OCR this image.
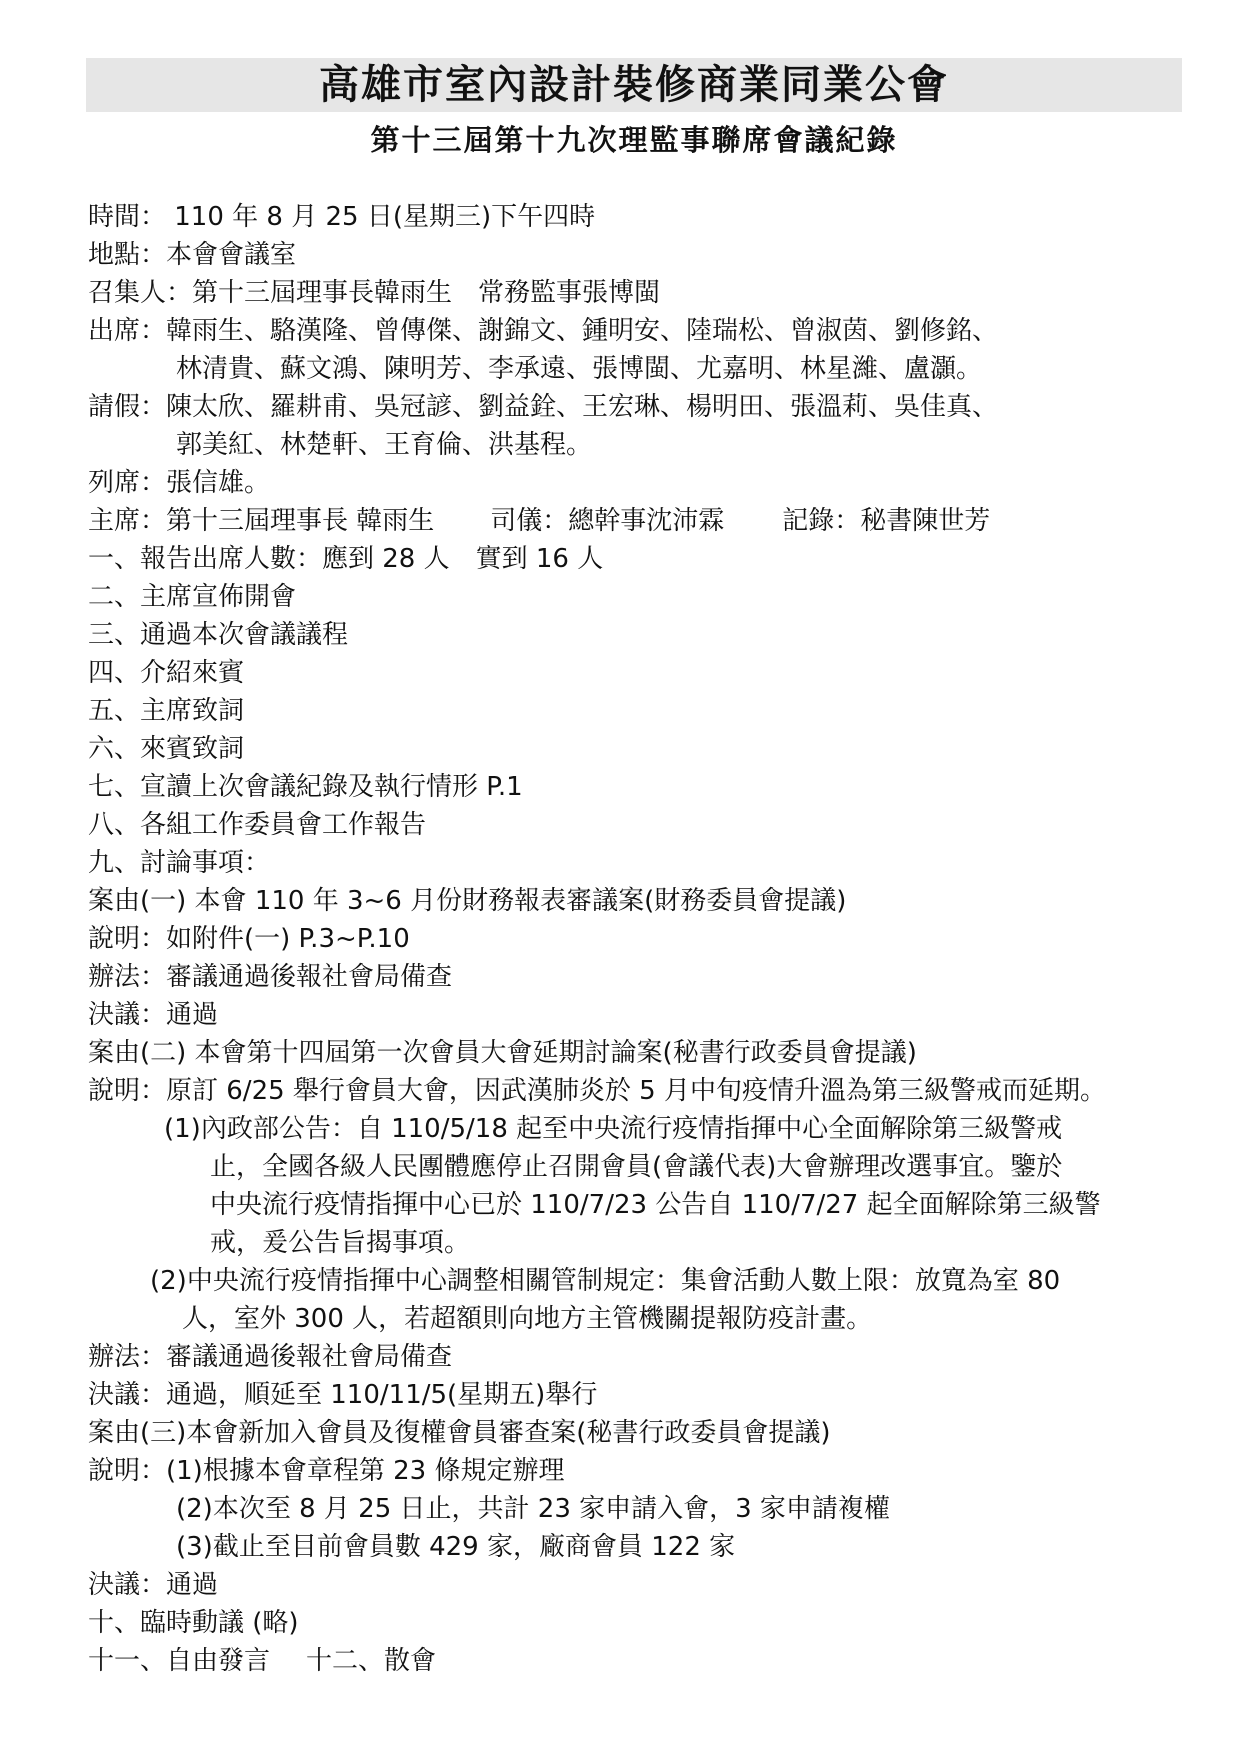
高雄市室內設計裝修商業同業公會
第十三屆第十九次理監事聯席會議紀錄
時間： 110 年 8 月 25 日(星期三)下午四時
地點：本會會議室
召集人：第十三屆理事長韓雨生　常務監事張博閩
出席：韓雨生、駱漢隆、曾傳傑、謝錦文、鍾明安、陸瑞松、曾淑茵、劉修銘、
林清貴、蘇文鴻、陳明芳、李承遠、張博閩、尤嘉明、林星濰、盧灝。
請假：陳太欣、羅耕甫、吳冠諺、劉益銓、王宏琳、楊明田、張溫莉、吳佳真、
郭美紅、林楚軒、王育倫、洪基程。
列席：張信雄。
主席：第十三屆理事長 韓雨生 司儀：總幹事沈沛霖 記錄：秘書陳世芳
一、報告出席人數：應到 28 人　實到 16 人
二、主席宣佈開會
三、通過本次會議議程
四、介紹來賓
五、主席致詞
六、來賓致詞
七、宣讀上次會議紀錄及執行情形 P.1
八、各組工作委員會工作報告
九、討論事項：
案由(一) 本會 110 年 3~6 月份財務報表審議案(財務委員會提議)
說明：如附件(一) P.3~P.10
辦法：審議通過後報社會局備查
決議：通過
案由(二) 本會第十四屆第一次會員大會延期討論案(秘書行政委員會提議)
說明：原訂 6/25 舉行會員大會，因武漢肺炎於 5 月中旬疫情升溫為第三級警戒而延期。
(1)內政部公告：自 110/5/18 起至中央流行疫情指揮中心全面解除第三級警戒
止，全國各級人民團體應停止召開會員(會議代表)大會辦理改選事宜。鑒於
中央流行疫情指揮中心已於 110/7/23 公告自 110/7/27 起全面解除第三級警
戒，爰公告旨揭事項。
(2)中央流行疫情指揮中心調整相關管制規定：集會活動人數上限：放寬為室 80
人，室外 300 人，若超額則向地方主管機關提報防疫計畫。
辦法：審議通過後報社會局備查
決議：通過，順延至 110/11/5(星期五)舉行
案由(三)本會新加入會員及復權會員審查案(秘書行政委員會提議)
說明：(1)根據本會章程第 23 條規定辦理
(2)本次至 8 月 25 日止，共計 23 家申請入會，3 家申請複權
(3)截止至目前會員數 429 家，廠商會員 122 家
決議：通過
十、臨時動議 (略)
十一、自由發言 十二、散會
